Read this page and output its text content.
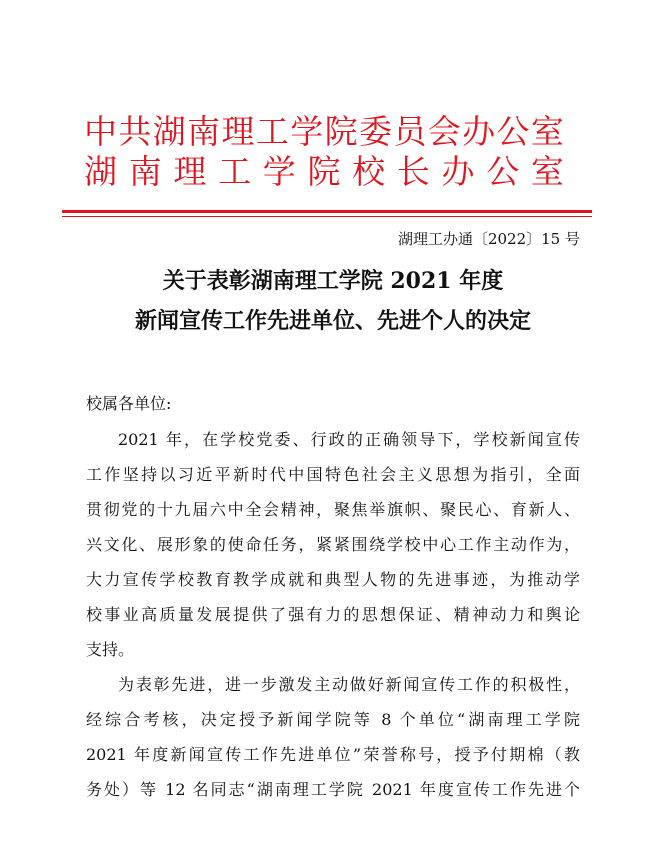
中 共 湖 南 理 工 学 院 委 员 会 办 公 室
湖 南 理 工 学 院 校 长 办 公 室
湖理工办通〔2022〕15 号
关于表彰湖南理工学院 2021 年度
新闻宣传工作先进单位、先进个人的决定
校属各单位:
2021 年，在学校党委、行政的正确领导下，学校新闻宣传
工作坚持以习近平新时代中国特色社会主义思想为指引，全面
贯彻党的十九届六中全会精神，聚焦举旗帜、聚民心、育新人、
兴文化、展形象的使命任务，紧紧围绕学校中心工作主动作为，
大力宣传学校教育教学成就和典型人物的先进事迹，为推动学
校事业高质量发展提供了强有力的思想保证、精神动力和舆论
支持。
为表彰先进，进一步激发主动做好新闻宣传工作的积极性，
经综合考核，决定授予新闻学院等 8 个单位“湖南理工学院
2021 年度新闻宣传工作先进单位”荣誉称号，授予付期棉（教
务处）等 12 名同志“湖南理工学院 2021 年度宣传工作先进个
